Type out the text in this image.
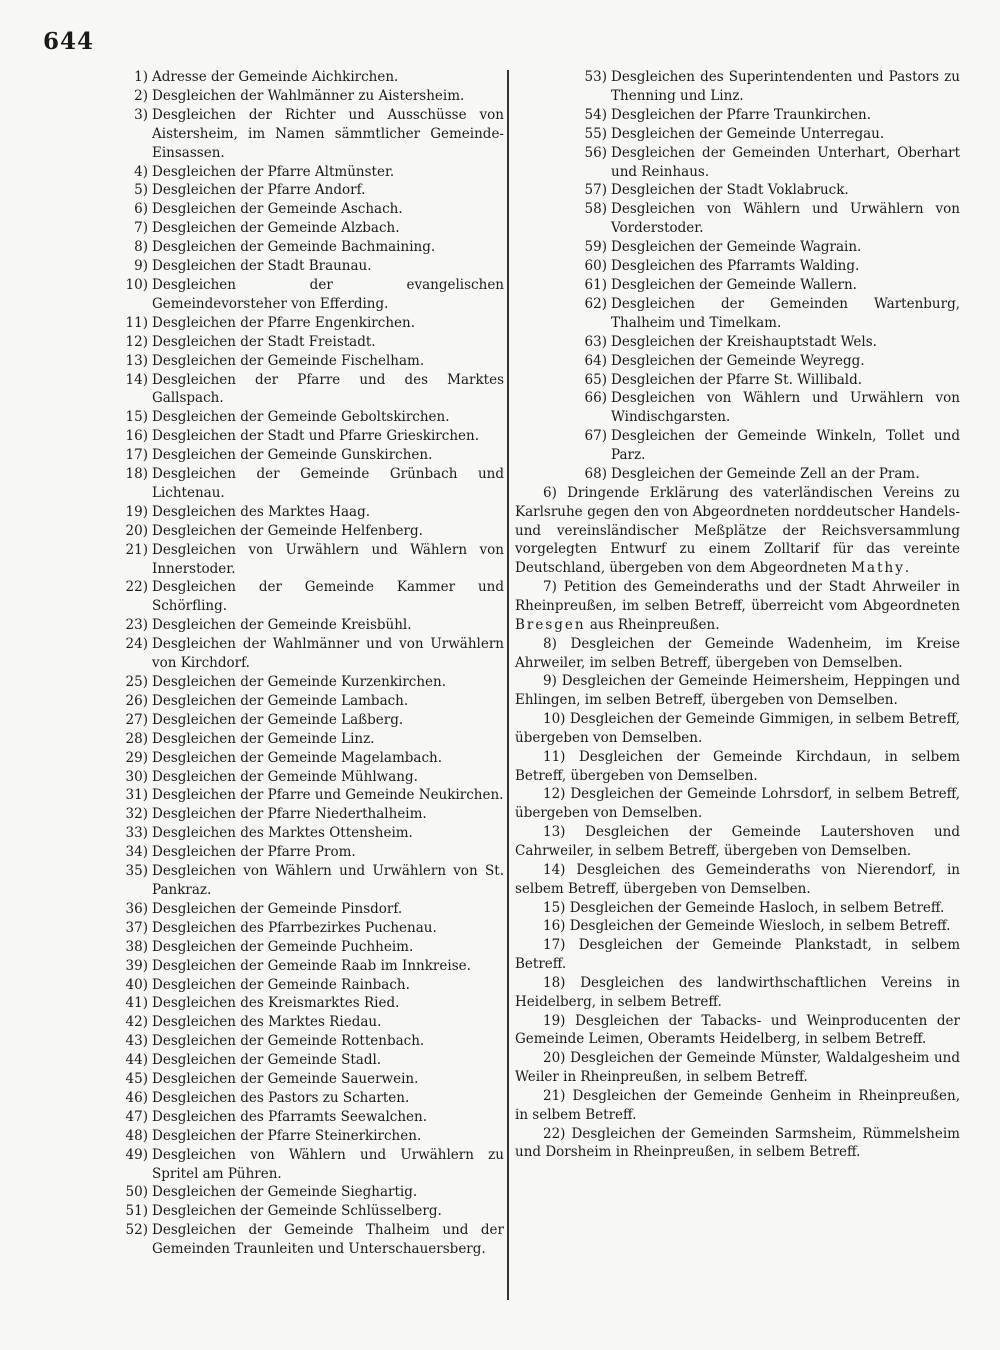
644
1) Adresse der Gemeinde Aichkirchen.
2) Desgleichen der Wahlmänner zu Aistersheim.
3) Desgleichen der Richter und Ausschüsse von Aistersheim, im Namen sämmtlicher Gemeinde-Einsassen.
4) Desgleichen der Pfarre Altmünster.
5) Desgleichen der Pfarre Andorf.
6) Desgleichen der Gemeinde Aschach.
7) Desgleichen der Gemeinde Alzbach.
8) Desgleichen der Gemeinde Bachmaining.
9) Desgleichen der Stadt Braunau.
10) Desgleichen der evangelischen Gemeindevorsteher von Efferding.
11) Desgleichen der Pfarre Engenkirchen.
12) Desgleichen der Stadt Freistadt.
13) Desgleichen der Gemeinde Fischelham.
14) Desgleichen der Pfarre und des Marktes Gallspach.
15) Desgleichen der Gemeinde Geboltskirchen.
16) Desgleichen der Stadt und Pfarre Grieskirchen.
17) Desgleichen der Gemeinde Gunskirchen.
18) Desgleichen der Gemeinde Grünbach und Lichtenau.
19) Desgleichen des Marktes Haag.
20) Desgleichen der Gemeinde Helfenberg.
21) Desgleichen von Urwählern und Wählern von Innerstoder.
22) Desgleichen der Gemeinde Kammer und Schörfling.
23) Desgleichen der Gemeinde Kreisbühl.
24) Desgleichen der Wahlmänner und von Urwählern von Kirchdorf.
25) Desgleichen der Gemeinde Kurzenkirchen.
26) Desgleichen der Gemeinde Lambach.
27) Desgleichen der Gemeinde Laßberg.
28) Desgleichen der Gemeinde Linz.
29) Desgleichen der Gemeinde Magelambach.
30) Desgleichen der Gemeinde Mühlwang.
31) Desgleichen der Pfarre und Gemeinde Neukirchen.
32) Desgleichen der Pfarre Niederthalheim.
33) Desgleichen des Marktes Ottensheim.
34) Desgleichen der Pfarre Prom.
35) Desgleichen von Wählern und Urwählern von St. Pankraz.
36) Desgleichen der Gemeinde Pinsdorf.
37) Desgleichen des Pfarrbezirkes Puchenau.
38) Desgleichen der Gemeinde Puchheim.
39) Desgleichen der Gemeinde Raab im Innkreise.
40) Desgleichen der Gemeinde Rainbach.
41) Desgleichen des Kreismarktes Ried.
42) Desgleichen des Marktes Riedau.
43) Desgleichen der Gemeinde Rottenbach.
44) Desgleichen der Gemeinde Stadl.
45) Desgleichen der Gemeinde Sauerwein.
46) Desgleichen des Pastors zu Scharten.
47) Desgleichen des Pfarramts Seewalchen.
48) Desgleichen der Pfarre Steinerkirchen.
49) Desgleichen von Wählern und Urwählern zu Spritel am Pühren.
50) Desgleichen der Gemeinde Sieghartig.
51) Desgleichen der Gemeinde Schlüsselberg.
52) Desgleichen der Gemeinde Thalheim und der Gemeinden Traunleiten und Unterschauersberg.
53) Desgleichen des Superintendenten und Pastors zu Thenning und Linz.
54) Desgleichen der Pfarre Traunkirchen.
55) Desgleichen der Gemeinde Unterregau.
56) Desgleichen der Gemeinden Unterhart, Oberhart und Reinhaus.
57) Desgleichen der Stadt Voklabruck.
58) Desgleichen von Wählern und Urwählern von Vorderstoder.
59) Desgleichen der Gemeinde Wagrain.
60) Desgleichen des Pfarramts Walding.
61) Desgleichen der Gemeinde Wallern.
62) Desgleichen der Gemeinden Wartenburg, Thalheim und Timelkam.
63) Desgleichen der Kreishauptstadt Wels.
64) Desgleichen der Gemeinde Weyregg.
65) Desgleichen der Pfarre St. Willibald.
66) Desgleichen von Wählern und Urwählern von Windischgarsten.
67) Desgleichen der Gemeinde Winkeln, Tollet und Parz.
68) Desgleichen der Gemeinde Zell an der Pram.
6) Dringende Erklärung des vaterländischen Vereins zu Karlsruhe gegen den von Abgeordneten norddeutscher Handels- und vereinsländischer Meßplätze der Reichsversammlung vorgelegten Entwurf zu einem Zolltarif für das vereinte Deutschland, übergeben von dem Abgeordneten Mathy.
7) Petition des Gemeinderaths und der Stadt Ahrweiler in Rheinpreußen, im selben Betreff, überreicht vom Abgeordneten Bresgen aus Rheinpreußen.
8) Desgleichen der Gemeinde Wadenheim, im Kreise Ahrweiler, im selben Betreff, übergeben von Demselben.
9) Desgleichen der Gemeinde Heimersheim, Heppingen und Ehlingen, im selben Betreff, übergeben von Demselben.
10) Desgleichen der Gemeinde Gimmigen, in selbem Betreff, übergeben von Demselben.
11) Desgleichen der Gemeinde Kirchdaun, in selbem Betreff, übergeben von Demselben.
12) Desgleichen der Gemeinde Lohrsdorf, in selbem Betreff, übergeben von Demselben.
13) Desgleichen der Gemeinde Lautershoven und Cahrweiler, in selbem Betreff, übergeben von Demselben.
14) Desgleichen des Gemeinderaths von Nierendorf, in selbem Betreff, übergeben von Demselben.
15) Desgleichen der Gemeinde Hasloch, in selbem Betreff.
16) Desgleichen der Gemeinde Wiesloch, in selbem Betreff.
17) Desgleichen der Gemeinde Plankstadt, in selbem Betreff.
18) Desgleichen des landwirthschaftlichen Vereins in Heidelberg, in selbem Betreff.
19) Desgleichen der Tabacks- und Weinproducenten der Gemeinde Leimen, Oberamts Heidelberg, in selbem Betreff.
20) Desgleichen der Gemeinde Münster, Waldalgesheim und Weiler in Rheinpreußen, in selbem Betreff.
21) Desgleichen der Gemeinde Genheim in Rheinpreußen, in selbem Betreff.
22) Desgleichen der Gemeinden Sarmsheim, Rümmelsheim und Dorsheim in Rheinpreußen, in selbem Betreff.
